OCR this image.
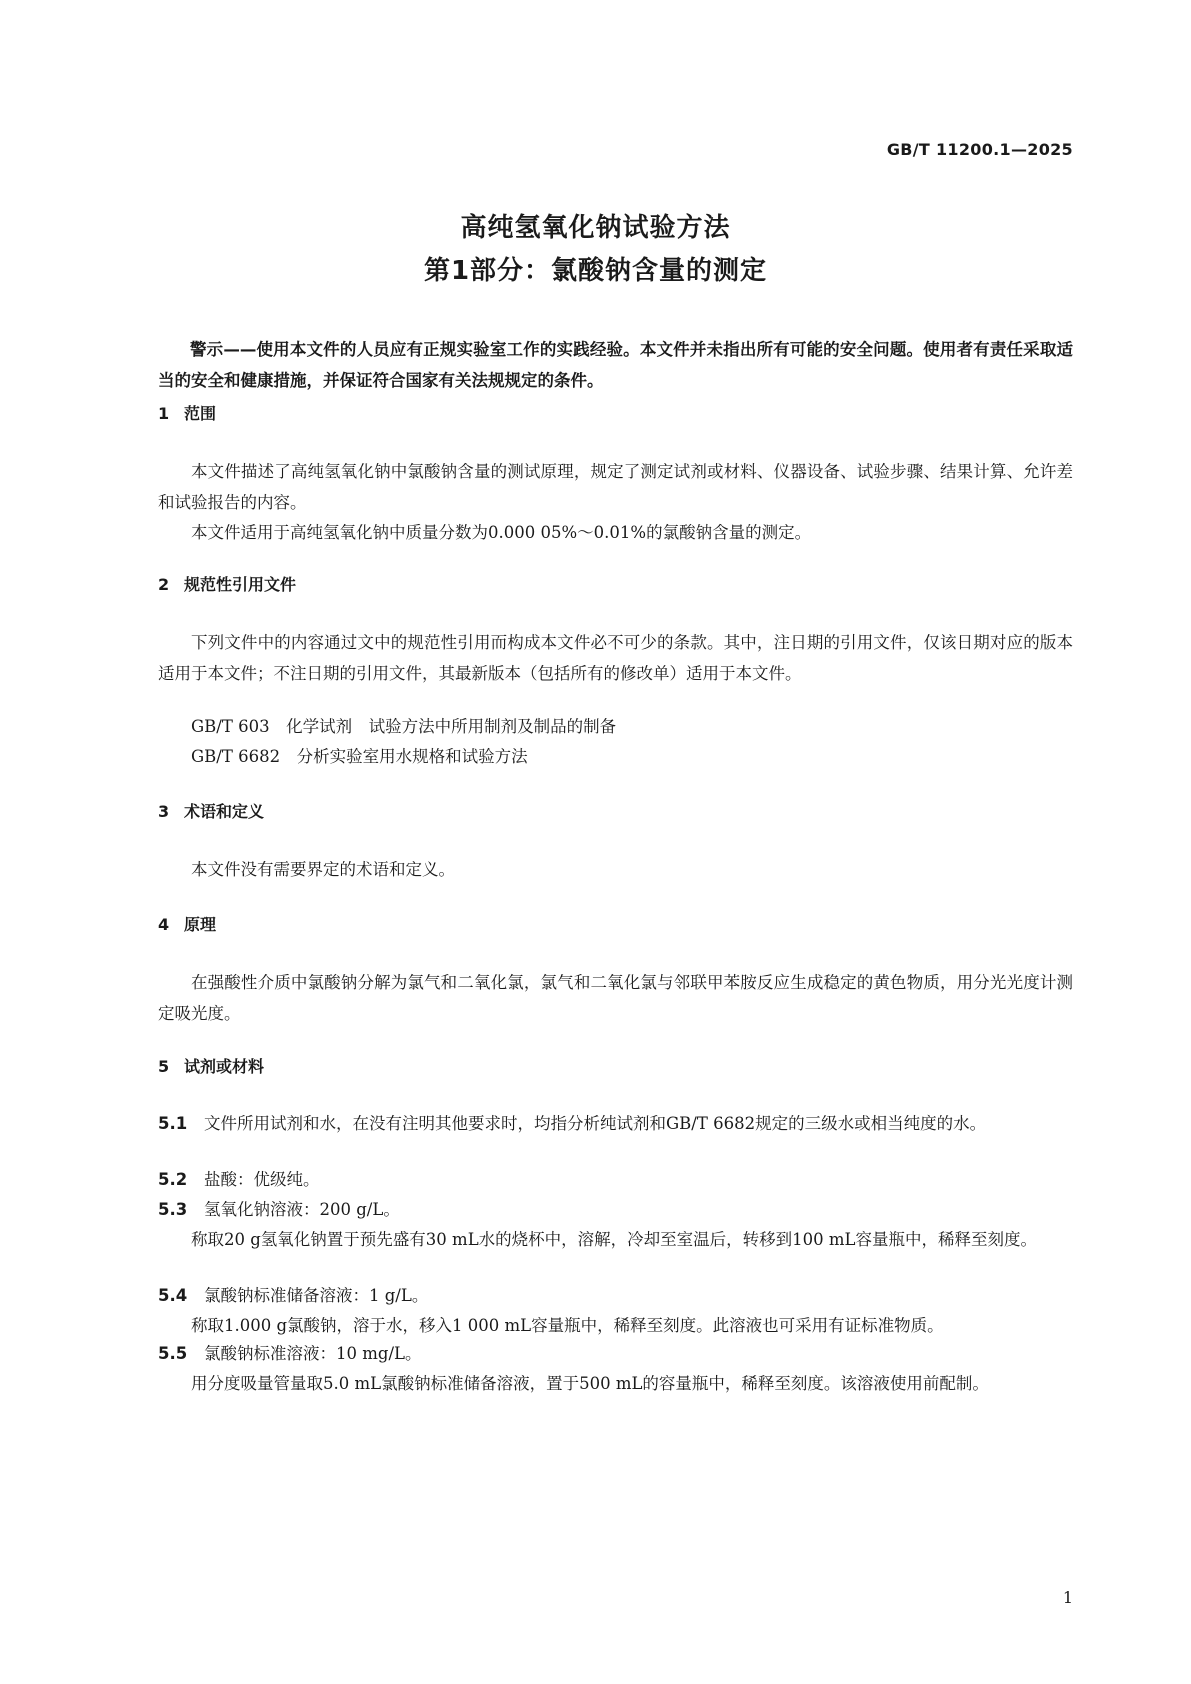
GB/T 11200.1—2025
高纯氢氧化钠试验方法
第1部分：氯酸钠含量的测定
警示——使用本文件的人员应有正规实验室工作的实践经验。本文件并未指出所有可能的安全问题。使用者有责任采取适当的安全和健康措施，并保证符合国家有关法规规定的条件。
1 范围
本文件描述了高纯氢氧化钠中氯酸钠含量的测试原理，规定了测定试剂或材料、仪器设备、试验步骤、结果计算、允许差和试验报告的内容。
本文件适用于高纯氢氧化钠中质量分数为0.000 05%～0.01%的氯酸钠含量的测定。
2 规范性引用文件
下列文件中的内容通过文中的规范性引用而构成本文件必不可少的条款。其中，注日期的引用文件，仅该日期对应的版本适用于本文件；不注日期的引用文件，其最新版本（包括所有的修改单）适用于本文件。
GB/T 603　化学试剂　试验方法中所用制剂及制品的制备
GB/T 6682　分析实验室用水规格和试验方法
3 术语和定义
本文件没有需要界定的术语和定义。
4 原理
在强酸性介质中氯酸钠分解为氯气和二氧化氯，氯气和二氧化氯与邻联甲苯胺反应生成稳定的黄色物质，用分光光度计测定吸光度。
5 试剂或材料
5.1 文件所用试剂和水，在没有注明其他要求时，均指分析纯试剂和GB/T 6682规定的三级水或相当纯度的水。
5.2 盐酸：优级纯。
5.3 氢氧化钠溶液：200 g/L。
称取20 g氢氧化钠置于预先盛有30 mL水的烧杯中，溶解，冷却至室温后，转移到100 mL容量瓶中，稀释至刻度。
5.4 氯酸钠标准储备溶液：1 g/L。
称取1.000 g氯酸钠，溶于水，移入1 000 mL容量瓶中，稀释至刻度。此溶液也可采用有证标准物质。
5.5 氯酸钠标准溶液：10 mg/L。
用分度吸量管量取5.0 mL氯酸钠标准储备溶液，置于500 mL的容量瓶中，稀释至刻度。该溶液使用前配制。
1
